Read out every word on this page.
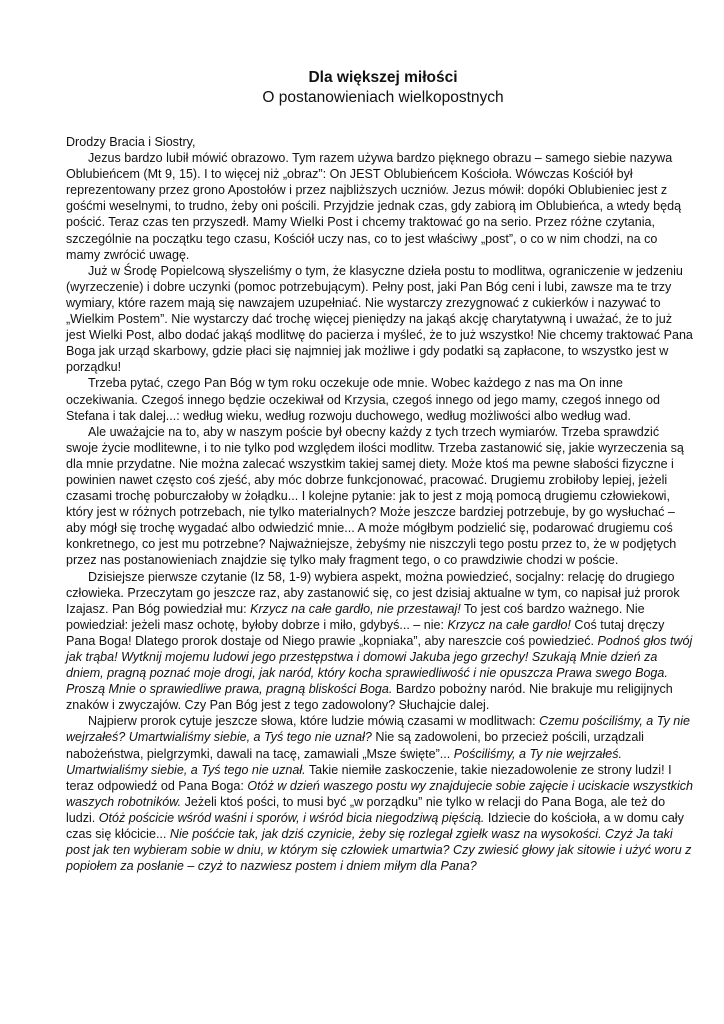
Dla większej miłości
O postanowieniach wielkopostnych

Drodzy Bracia i Siostry,

Jezus bardzo lubił mówić obrazowo. Tym razem używa bardzo pięknego obrazu – samego siebie nazywa Oblubieńcem (Mt 9, 15). I to więcej niż „obraz”: On JEST Oblubieńcem Kościoła. Wówczas Kościół był reprezentowany przez grono Apostołów i przez najbliższych uczniów. Jezus mówił: dopóki Oblubieniec jest z gośćmi weselnymi, to trudno, żeby oni pościli. Przyjdzie jednak czas, gdy zabiorą im Oblubieńca, a wtedy będą pościć. Teraz czas ten przyszedł. Mamy Wielki Post i chcemy traktować go na serio. Przez różne czytania, szczególnie na początku tego czasu, Kościół uczy nas, co to jest właściwy „post”, o co w nim chodzi, na co mamy zwrócić uwagę.

Już w Środę Popielcową słyszeliśmy o tym, że klasyczne dzieła postu to modlitwa, ograniczenie w jedzeniu (wyrzeczenie) i dobre uczynki (pomoc potrzebującym). Pełny post, jaki Pan Bóg ceni i lubi, zawsze ma te trzy wymiary, które razem mają się nawzajem uzupełniać. Nie wystarczy zrezygnować z cukierków i nazywać to „Wielkim Postem”. Nie wystarczy dać trochę więcej pieniędzy na jakąś akcję charytatywną i uważać, że to już jest Wielki Post, albo dodać jakąś modlitwę do pacierza i myśleć, że to już wszystko! Nie chcemy traktować Pana Boga jak urząd skarbowy, gdzie płaci się najmniej jak możliwe i gdy podatki są zapłacone, to wszystko jest w porządku!

Trzeba pytać, czego Pan Bóg w tym roku oczekuje ode mnie. Wobec każdego z nas ma On inne oczekiwania. Czegoś innego będzie oczekiwał od Krzysia, czegoś innego od jego mamy, czegoś innego od Stefana i tak dalej...: według wieku, według rozwoju duchowego, według możliwości albo według wad.

Ale uważajcie na to, aby w naszym poście był obecny każdy z tych trzech wymiarów. Trzeba sprawdzić swoje życie modlitewne, i to nie tylko pod względem ilości modlitw. Trzeba zastanowić się, jakie wyrzeczenia są dla mnie przydatne. Nie można zalecać wszystkim takiej samej diety. Może ktoś ma pewne słabości fizyczne i powinien nawet często coś zjeść, aby móc dobrze funkcjonować, pracować. Drugiemu zrobiłoby lepiej, jeżeli czasami trochę poburczałoby w żołądku... I kolejne pytanie: jak to jest z moją pomocą drugiemu człowiekowi, który jest w różnych potrzebach, nie tylko materialnych? Może jeszcze bardziej potrzebuje, by go wysłuchać – aby mógł się trochę wygadać albo odwiedzić mnie... A może mógłbym podzielić się, podarować drugiemu coś konkretnego, co jest mu potrzebne? Najważniejsze, żebyśmy nie niszczyli tego postu przez to, że w podjętych przez nas postanowieniach znajdzie się tylko mały fragment tego, o co prawdziwie chodzi w poście.

Dzisiejsze pierwsze czytanie (Iz 58, 1-9) wybiera aspekt, można powiedzieć, socjalny: relację do drugiego człowieka. Przeczytam go jeszcze raz, aby zastanowić się, co jest dzisiaj aktualne w tym, co napisał już prorok Izajasz. Pan Bóg powiedział mu: Krzycz na całe gardło, nie przestawaj! To jest coś bardzo ważnego. Nie powiedział: jeżeli masz ochotę, byłoby dobrze i miło, gdybyś... – nie: Krzycz na całe gardło! Coś tutaj dręczy Pana Boga! Dlatego prorok dostaje od Niego prawie „kopniaka”, aby nareszcie coś powiedzieć. Podnoś głos twój jak trąba! Wytknij mojemu ludowi jego przestępstwa i domowi Jakuba jego grzechy! Szukają Mnie dzień za dniem, pragną poznać moje drogi, jak naród, który kocha sprawiedliwość i nie opuszcza Prawa swego Boga. Proszą Mnie o sprawiedliwe prawa, pragną bliskości Boga. Bardzo pobożny naród. Nie brakuje mu religijnych znaków i zwyczajów. Czy Pan Bóg jest z tego zadowolony? Słuchajcie dalej.

Najpierw prorok cytuje jeszcze słowa, które ludzie mówią czasami w modlitwach: Czemu pościliśmy, a Ty nie wejrzałeś? Umartwialiśmy siebie, a Tyś tego nie uznał? Nie są zadowoleni, bo przecież pościli, urządzali nabożeństwa, pielgrzymki, dawali na tacę, zamawiali „Msze święte”... Pościliśmy, a Ty nie wejrzałeś. Umartwialiśmy siebie, a Tyś tego nie uznał. Takie niemiłe zaskoczenie, takie niezadowolenie ze strony ludzi! I teraz odpowiedź od Pana Boga: Otóż w dzień waszego postu wy znajdujecie sobie zajęcie i uciskacie wszystkich waszych robotników. Jeżeli ktoś pości, to musi być „w porządku” nie tylko w relacji do Pana Boga, ale też do ludzi. Otóż pościcie wśród waśni i sporów, i wśród bicia niegodziwą pięścią. Idziecie do kościoła, a w domu cały czas się kłócicie... Nie pośćcie tak, jak dziś czynicie, żeby się rozlegał zgiełk wasz na wysokości. Czyż Ja taki post jak ten wybieram sobie w dniu, w którym się człowiek umartwia? Czy zwiesić głowy jak sitowie i użyć woru z popiołem za posłanie – czyż to nazwiesz postem i dniem miłym dla Pana?
